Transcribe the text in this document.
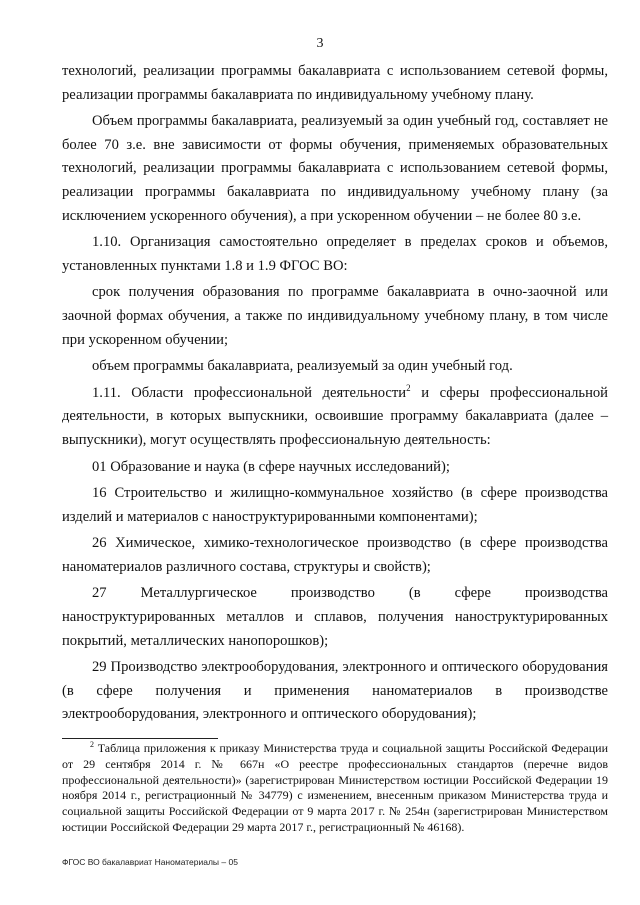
3

технологий, реализации программы бакалавриата с использованием сетевой формы, реализации программы бакалавриата по индивидуальному учебному плану.

Объем программы бакалавриата, реализуемый за один учебный год, составляет не более 70 з.е. вне зависимости от формы обучения, применяемых образовательных технологий, реализации программы бакалавриата с использованием сетевой формы, реализации программы бакалавриата по индивидуальному учебному плану (за исключением ускоренного обучения), а при ускоренном обучении – не более 80 з.е.

1.10. Организация самостоятельно определяет в пределах сроков и объемов, установленных пунктами 1.8 и 1.9 ФГОС ВО:

срок получения образования по программе бакалавриата в очно-заочной или заочной формах обучения, а также по индивидуальному учебному плану, в том числе при ускоренном обучении;

объем программы бакалавриата, реализуемый за один учебный год.

1.11. Области профессиональной деятельности$^2$ и сферы профессиональной деятельности, в которых выпускники, освоившие программу бакалавриата (далее – выпускники), могут осуществлять профессиональную деятельность:

01 Образование и наука (в сфере научных исследований);

16 Строительство и жилищно-коммунальное хозяйство (в сфере производства изделий и материалов с наноструктурированными компонентами);

26 Химическое, химико-технологическое производство (в сфере производства наноматериалов различного состава, структуры и свойств);

27 Металлургическое производство (в сфере производства наноструктурированных металлов и сплавов, получения наноструктурированных покрытий, металлических нанопорошков);

29 Производство электрооборудования, электронного и оптического оборудования (в сфере получения и применения наноматериалов в производстве электрооборудования, электронного и оптического оборудования);

$^2$ Таблица приложения к приказу Министерства труда и социальной защиты Российской Федерации от 29 сентября 2014 г. № 667н «О реестре профессиональных стандартов (перечне видов профессиональной деятельности)» (зарегистрирован Министерством юстиции Российской Федерации 19 ноября 2014 г., регистрационный № 34779) с изменением, внесенным приказом Министерства труда и социальной защиты Российской Федерации от 9 марта 2017 г. № 254н (зарегистрирован Министерством юстиции Российской Федерации 29 марта 2017 г., регистрационный № 46168).

ФГОС ВО бакалавриат Наноматериалы – 05
